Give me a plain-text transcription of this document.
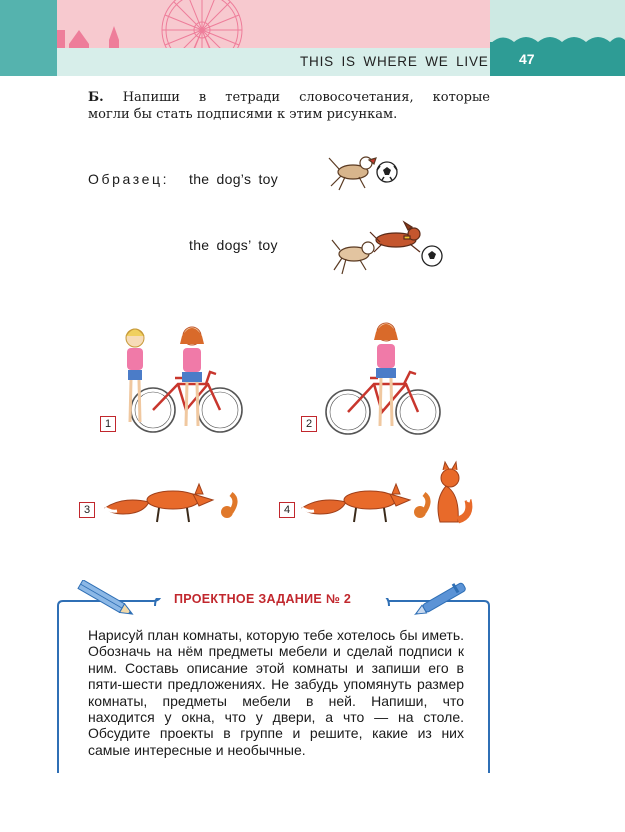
THIS IS WHERE WE LIVE 47
Б. Напиши в тетради словосочетания, которые
могли бы стать подписями к этим рисункам.
Образец: the dog’s toy
the dogs’ toy
1	2
3	4
ПРОЕКТНОЕ ЗАДАНИЕ № 2
Нарисуй план комнаты, которую тебе хотелось бы иметь. Обозначь на нём предметы мебели и сделай подписи к ним. Составь описание этой комнаты и запиши его в пяти-шести предложениях. Не забудь упомянуть размер комнаты, предметы мебели в ней. Напиши, что находится у окна, что у двери, а что — на столе. Обсудите проекты в группе и решите, какие из них самые интересные и необычные.
